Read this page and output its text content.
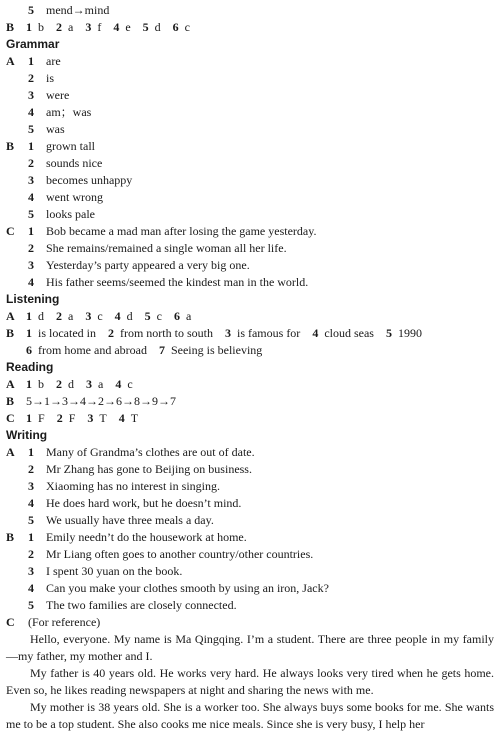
5 mend→mind
B 1 b 2 a 3 f 4 e 5 d 6 c
Grammar
A 1 are
2 is
3 were
4 am；was
5 was
B 1 grown tall
2 sounds nice
3 becomes unhappy
4 went wrong
5 looks pale
C 1 Bob became a mad man after losing the game yesterday.
2 She remains/remained a single woman all her life.
3 Yesterday’s party appeared a very big one.
4 His father seems/seemed the kindest man in the world.
Listening
A 1 d 2 a 3 c 4 d 5 c 6 a
B 1 is located in 2 from north to south 3 is famous for 4 cloud seas 5 1990
6 from home and abroad 7 Seeing is believing
Reading
A 1 b 2 d 3 a 4 c
B 5→1→3→4→2→6→8→9→7
C 1 F 2 F 3 T 4 T
Writing
A 1 Many of Grandma’s clothes are out of date.
2 Mr Zhang has gone to Beijing on business.
3 Xiaoming has no interest in singing.
4 He does hard work, but he doesn’t mind.
5 We usually have three meals a day.
B 1 Emily needn’t do the housework at home.
2 Mr Liang often goes to another country/other countries.
3 I spent 30 yuan on the book.
4 Can you make your clothes smooth by using an iron, Jack?
5 The two families are closely connected.
C (For reference)
Hello, everyone. My name is Ma Qingqing. I’m a student. There are three people in my family—my father, my mother and I.
My father is 40 years old. He works very hard. He always looks very tired when he gets home. Even so, he likes reading newspapers at night and sharing the news with me.
My mother is 38 years old. She is a worker too. She always buys some books for me. She wants me to be a top student. She also cooks me nice meals. Since she is very busy, I help her
